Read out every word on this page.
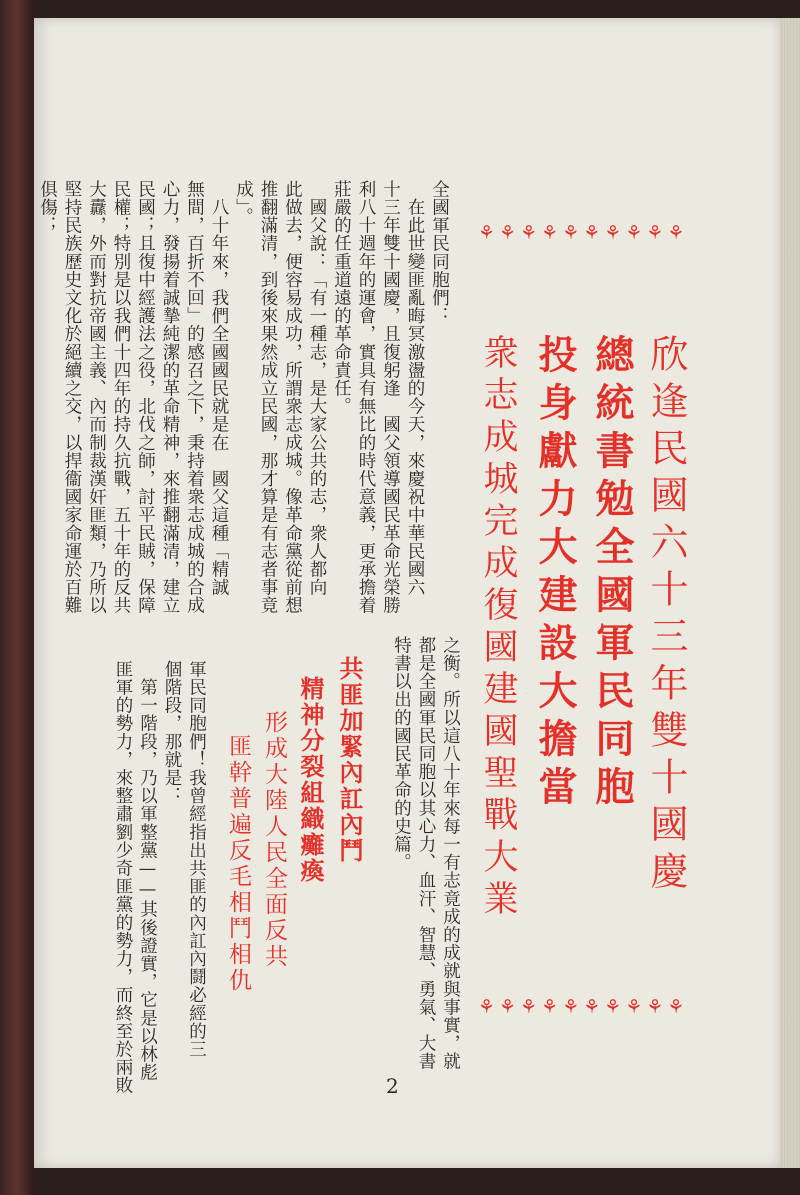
欣逢民國六十三年雙十國慶
總統書勉全國軍民同胞
投身獻力大建設大擔當
衆志成城完成復國建國聖戰大業
⚘ ⚘ ⚘ ⚘ ⚘ ⚘ ⚘ ⚘ ⚘ ⚘
⚘ ⚘ ⚘ ⚘ ⚘ ⚘ ⚘ ⚘ ⚘ ⚘
之衡。所以這八十年來每一有志竟成的成就與事實，就
都是全國軍民同胞以其心力、血汗、智慧、勇氣、大書
特書以出的國民革命的史篇。
全國軍民同胞們：
　在此世變匪亂晦冥激盪的今天，來慶祝中華民國六
十三年雙十國慶，且復躬逢　國父領導國民革命光榮勝
利八十週年的運會，實具有無比的時代意義，更承擔着
莊嚴的任重道遠的革命責任。
　國父說：「有一種志，是大家公共的志，衆人都向
此做去，便容易成功，所謂衆志成城。像革命黨從前想
推翻滿清，到後來果然成立民國，那才算是有志者事竟
成」。
　八十年來，我們全國國民就是在　國父這種「精誠
無間，百折不回」的感召之下，秉持着衆志成城的合成
心力，發揚着誠摯純潔的革命精神，來推翻滿清，建立
民國；且復中經護法之役，北伐之師，討平民賊，保障
民權；特別是以我們十四年的持久抗戰，五十年的反共
大纛，外而對抗帝國主義、內而制裁漢奸匪類，乃所以
堅持民族歷史文化於絕續之交，以捍衞國家命運於百難
俱傷；
共匪加緊內訌內鬥
精神分裂組織癱瘓
形成大陸人民全面反共
匪幹普遍反毛相鬥相仇
軍民同胞們！我曾經指出共匪的內訌內鬪必經的三
個階段，那就是：
　第一階段，乃以軍整黨——其後證實，它是以林彪
匪軍的勢力，來整肅劉少奇匪黨的勢力，而終至於兩敗	2
